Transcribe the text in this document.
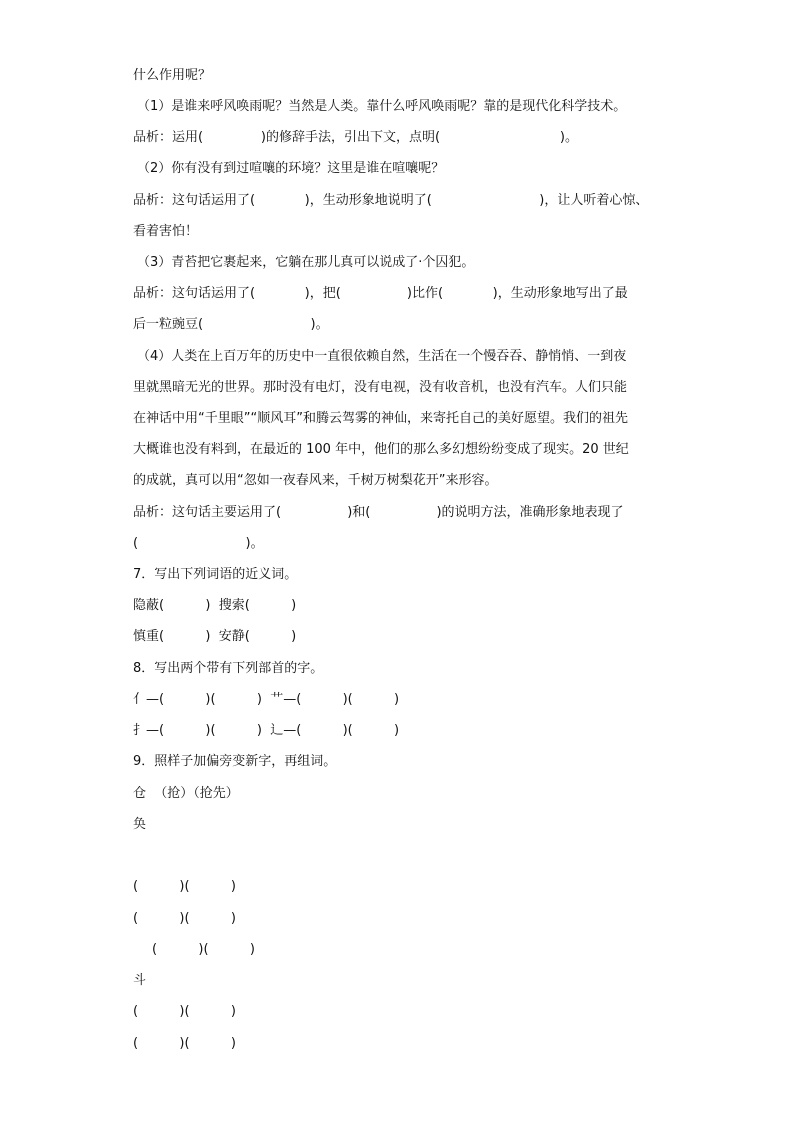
什么作用呢？
（1）是谁来呼风唤雨呢？当然是人类。靠什么呼风唤雨呢？靠的是现代化科学技术。
品析：运用(              )的修辞手法，引出下文，点明(                             )。
（2）你有没有到过喧嚷的环境？这里是谁在喧嚷呢？
品析：这句话运用了(            )，生动形象地说明了(                          )，让人听着心惊、
看着害怕！
（3）青苔把它裹起来，它躺在那儿真可以说成了·个囚犯。
品析：这句话运用了(            )，把(                )比作(            )，生动形象地写出了最
后一粒豌豆(                          )。
（4）人类在上百万年的历史中一直很依赖自然，生活在一个慢吞吞、静悄悄、一到夜
里就黑暗无光的世界。那时没有电灯，没有电视，没有收音机，也没有汽车。人们只能
在神话中用“千里眼”“顺风耳”和腾云驾雾的神仙，来寄托自己的美好愿望。我们的祖先
大概谁也没有料到，在最近的 100 年中，他们的那么多幻想纷纷变成了现实。20 世纪
的成就，真可以用“忽如一夜春风来，千树万树梨花开”来形容。
品析：这句话主要运用了(                )和(                )的说明方法，准确形象地表现了
(                          )。
7．写出下列词语的近义词。
隐蔽(          )  搜索(          )
慎重(          )  安静(          )
8．写出两个带有下列部首的字。
亻—(          )(          )  艹—(          )(          )
扌—(          )(          )  辶—(          )(          )
9．照样子加偏旁变新字，再组词。
仓  （抢）（抢先）
奂
(          )(          )
(          )(          )
(          )(          )
斗
(          )(          )
(          )(          )
